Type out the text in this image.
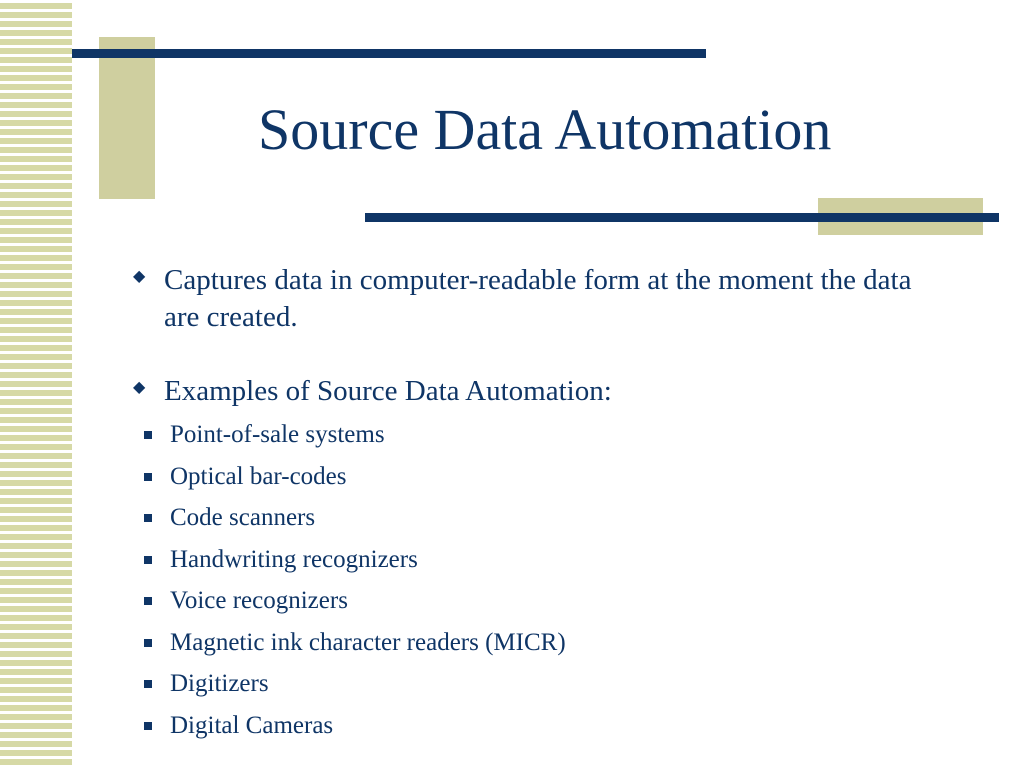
Source Data Automation
◆ Captures data in computer-readable form at the moment the data are created.
◆ Examples of Source Data Automation:
Point-of-sale systems
Optical bar-codes
Code scanners
Handwriting recognizers
Voice recognizers
Magnetic ink character readers (MICR)
Digitizers
Digital Cameras
